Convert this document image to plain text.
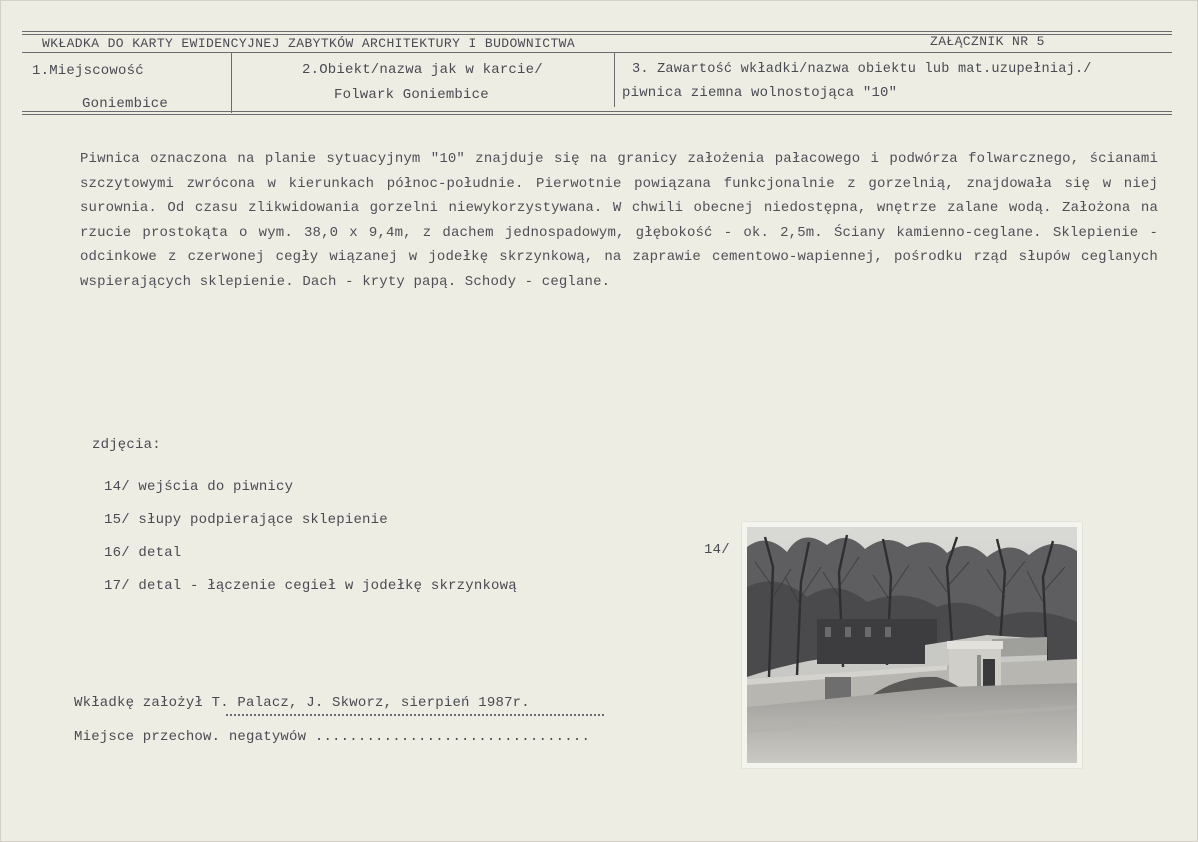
WKŁADKA DO KARTY EWIDENCYJNEJ ZABYTKÓW ARCHITEKTURY I BUDOWNICTWA	ZAŁĄCZNIK NR 5
1.Miejscowość
Goniembice
2.Obiekt/nazwa jak w karcie/
Folwark Goniembice
3. Zawartość wkładki/nazwa obiektu lub mat.uzupełniaj./
piwnica ziemna wolnostojąca "10"
Piwnica oznaczona na planie sytuacyjnym "10" znajduje się na granicy założenia pałacowego i podwórza folwarcznego, ścianami szczytowymi zwrócona w kierunkach północ-południe. Pierwotnie powiązana funkcjonalnie z gorzelnią, znajdowała się w niej surownia. Od czasu zlikwidowania gorzelni niewykorzystywana. W chwili obecnej niedostępna, wnętrze zalane wodą. Założona na rzucie prostokąta o wym. 38,0 x 9,4m, z dachem jednospadowym, głębokość - ok. 2,5m. Ściany kamienno-ceglane. Sklepienie - odcinkowe z czerwonej cegły wiązanej w jodełkę skrzynkową, na zaprawie cementowo-wapiennej, pośrodku rząd słupów ceglanych wspierających sklepienie. Dach - kryty papą. Schody - ceglane.
zdjęcia:
14/ wejścia do piwnicy
15/ słupy podpierające sklepienie
16/ detal
17/ detal - łączenie cegieł w jodełkę skrzynkową
14/
Wkładkę założył T. Palacz, J. Skworz, sierpień 1987r.
Miejsce przechow. negatywów ................................
